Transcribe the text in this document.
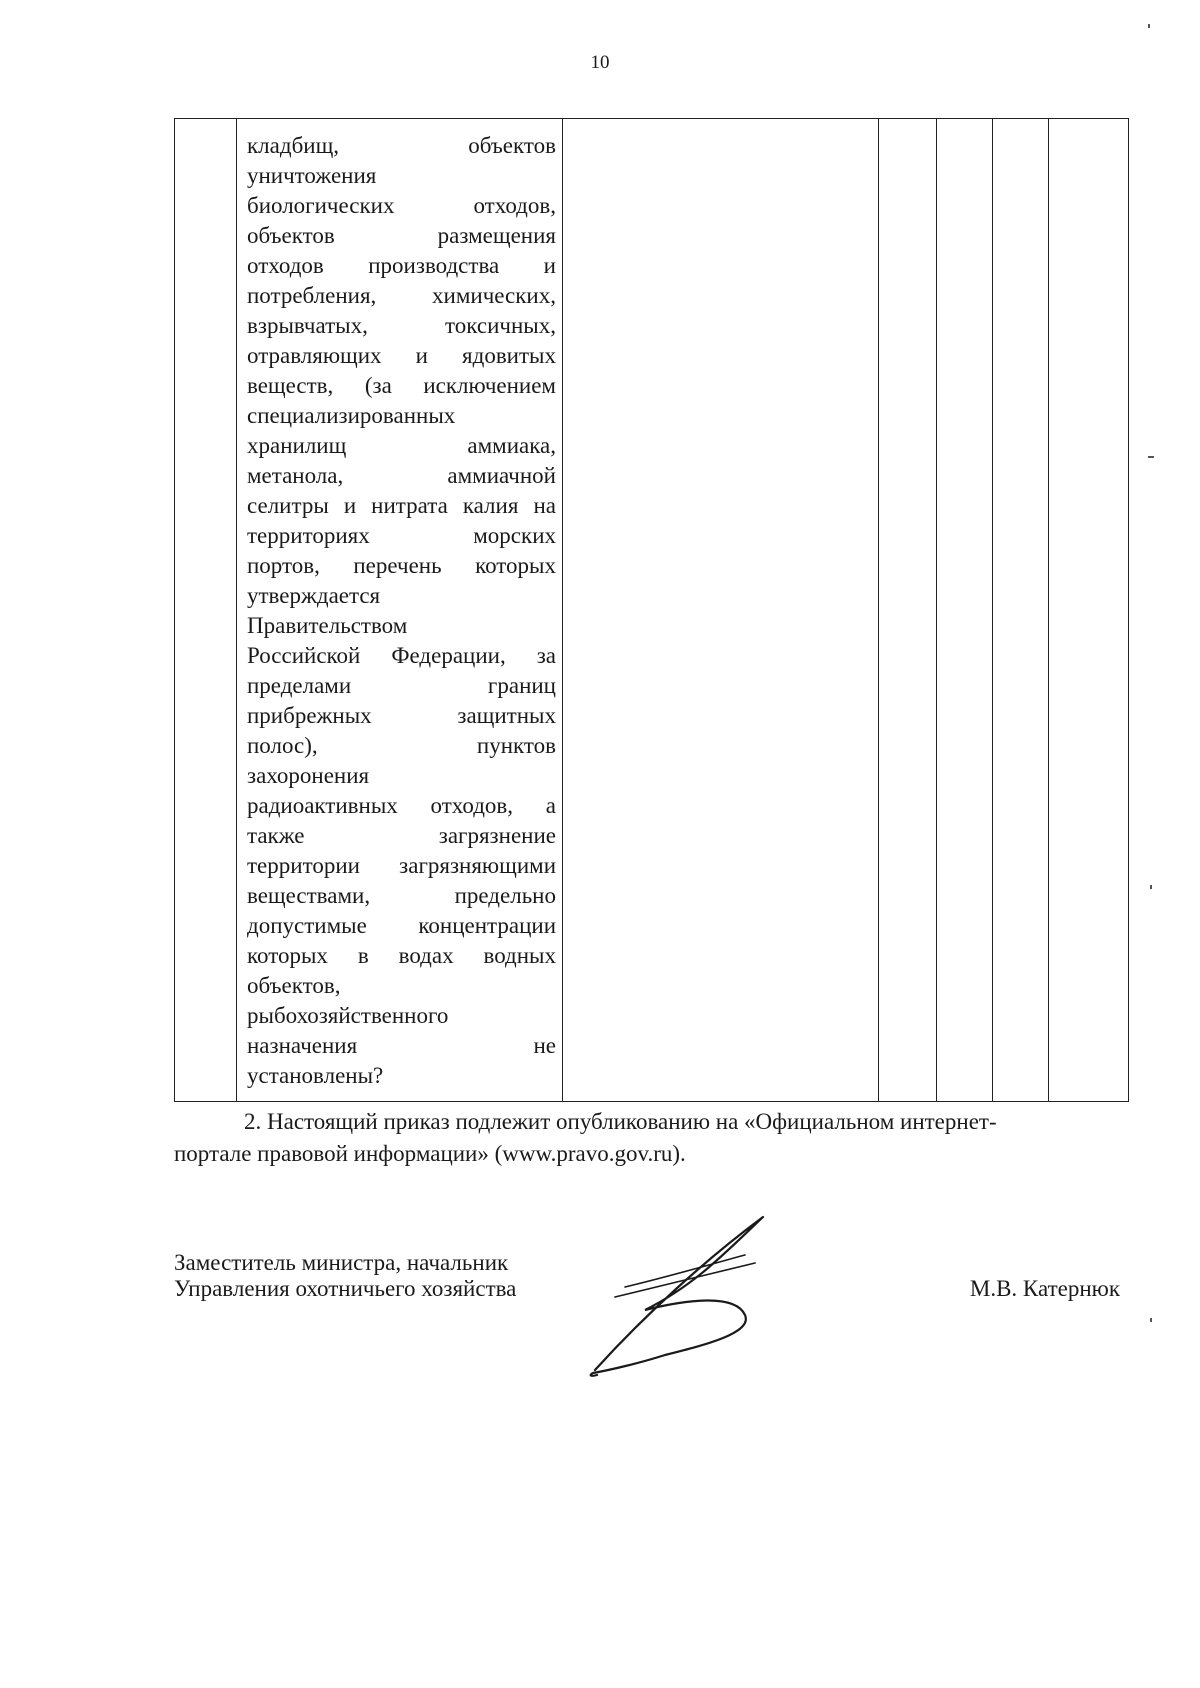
10

кладбищ,	объектов
уничтожения
биологических	отходов,
объектов	размещения
отходов производства и
потребления, химических,
взрывчатых,	токсичных,
отравляющих и ядовитых
веществ, (за исключением
специализированных
хранилищ	аммиака,
метанола,	аммиачной
селитры и нитрата калия на
территориях	морских
портов, перечень которых
утверждается
Правительством
Российской Федерации, за
пределами	границ
прибрежных	защитных
полос),	пунктов
захоронения
радиоактивных отходов, а
также	загрязнение
территории загрязняющими
веществами,	предельно
допустимые концентрации
которых в водах водных
объектов,
рыбохозяйственного
назначения	не
установлены?

2. Настоящий приказ подлежит опубликованию на «Официальном интернет-
портале правовой информации» (www.pravo.gov.ru).
Заместитель министра, начальник
Управления охотничьего хозяйства	М.В. Катернюк
